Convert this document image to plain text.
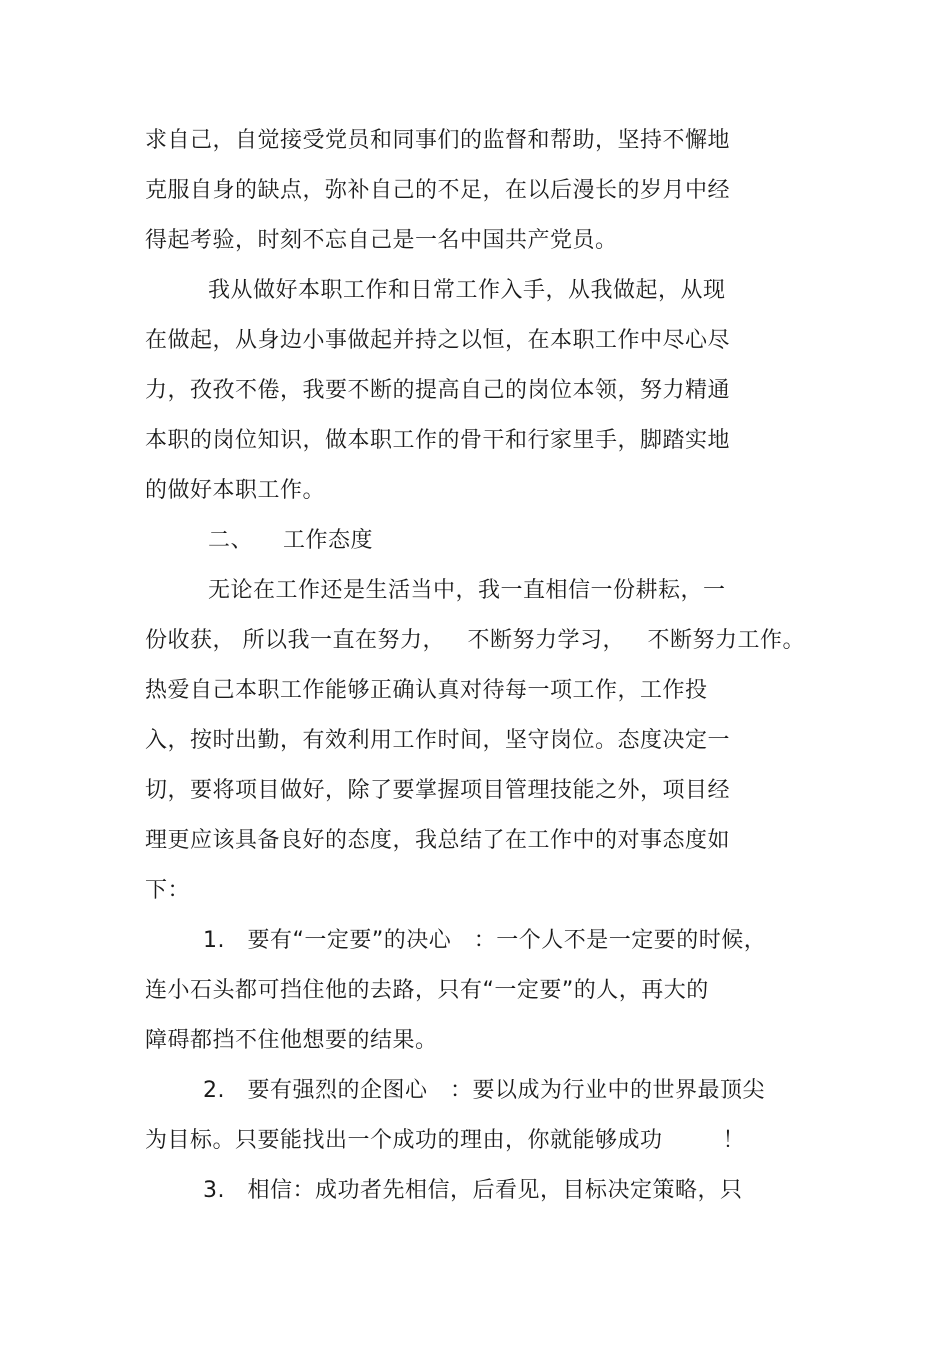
求自己，自觉接受党员和同事们的监督和帮助，坚持不懈地
克服自身的缺点，弥补自己的不足，在以后漫长的岁月中经
得起考验，时刻不忘自己是一名中国共产党员。
我从做好本职工作和日常工作入手，从我做起，从现
在做起，从身边小事做起并持之以恒，在本职工作中尽心尽
力，孜孜不倦，我要不断的提高自己的岗位本领，努力精通
本职的岗位知识，做本职工作的骨干和行家里手，脚踏实地
的做好本职工作。
二、    工作态度
无论在工作还是生活当中，我一直相信一份耕耘，一
份收获， 所以我一直在努力，   不断努力学习，   不断努力工作。
热爱自己本职工作能够正确认真对待每一项工作，工作投
入，按时出勤，有效利用工作时间，坚守岗位。态度决定一
切，要将项目做好，除了要掌握项目管理技能之外，项目经
理更应该具备良好的态度，我总结了在工作中的对事态度如
下：
1.   要有“一定要”的决心   ：一个人不是一定要的时候，
连小石头都可挡住他的去路，只有“一定要”的人，再大的
障碍都挡不住他想要的结果。
2.   要有强烈的企图心   ：要以成为行业中的世界最顶尖
为目标。只要能找出一个成功的理由，你就能够成功        ！
3.   相信：成功者先相信，后看见，目标决定策略，只
